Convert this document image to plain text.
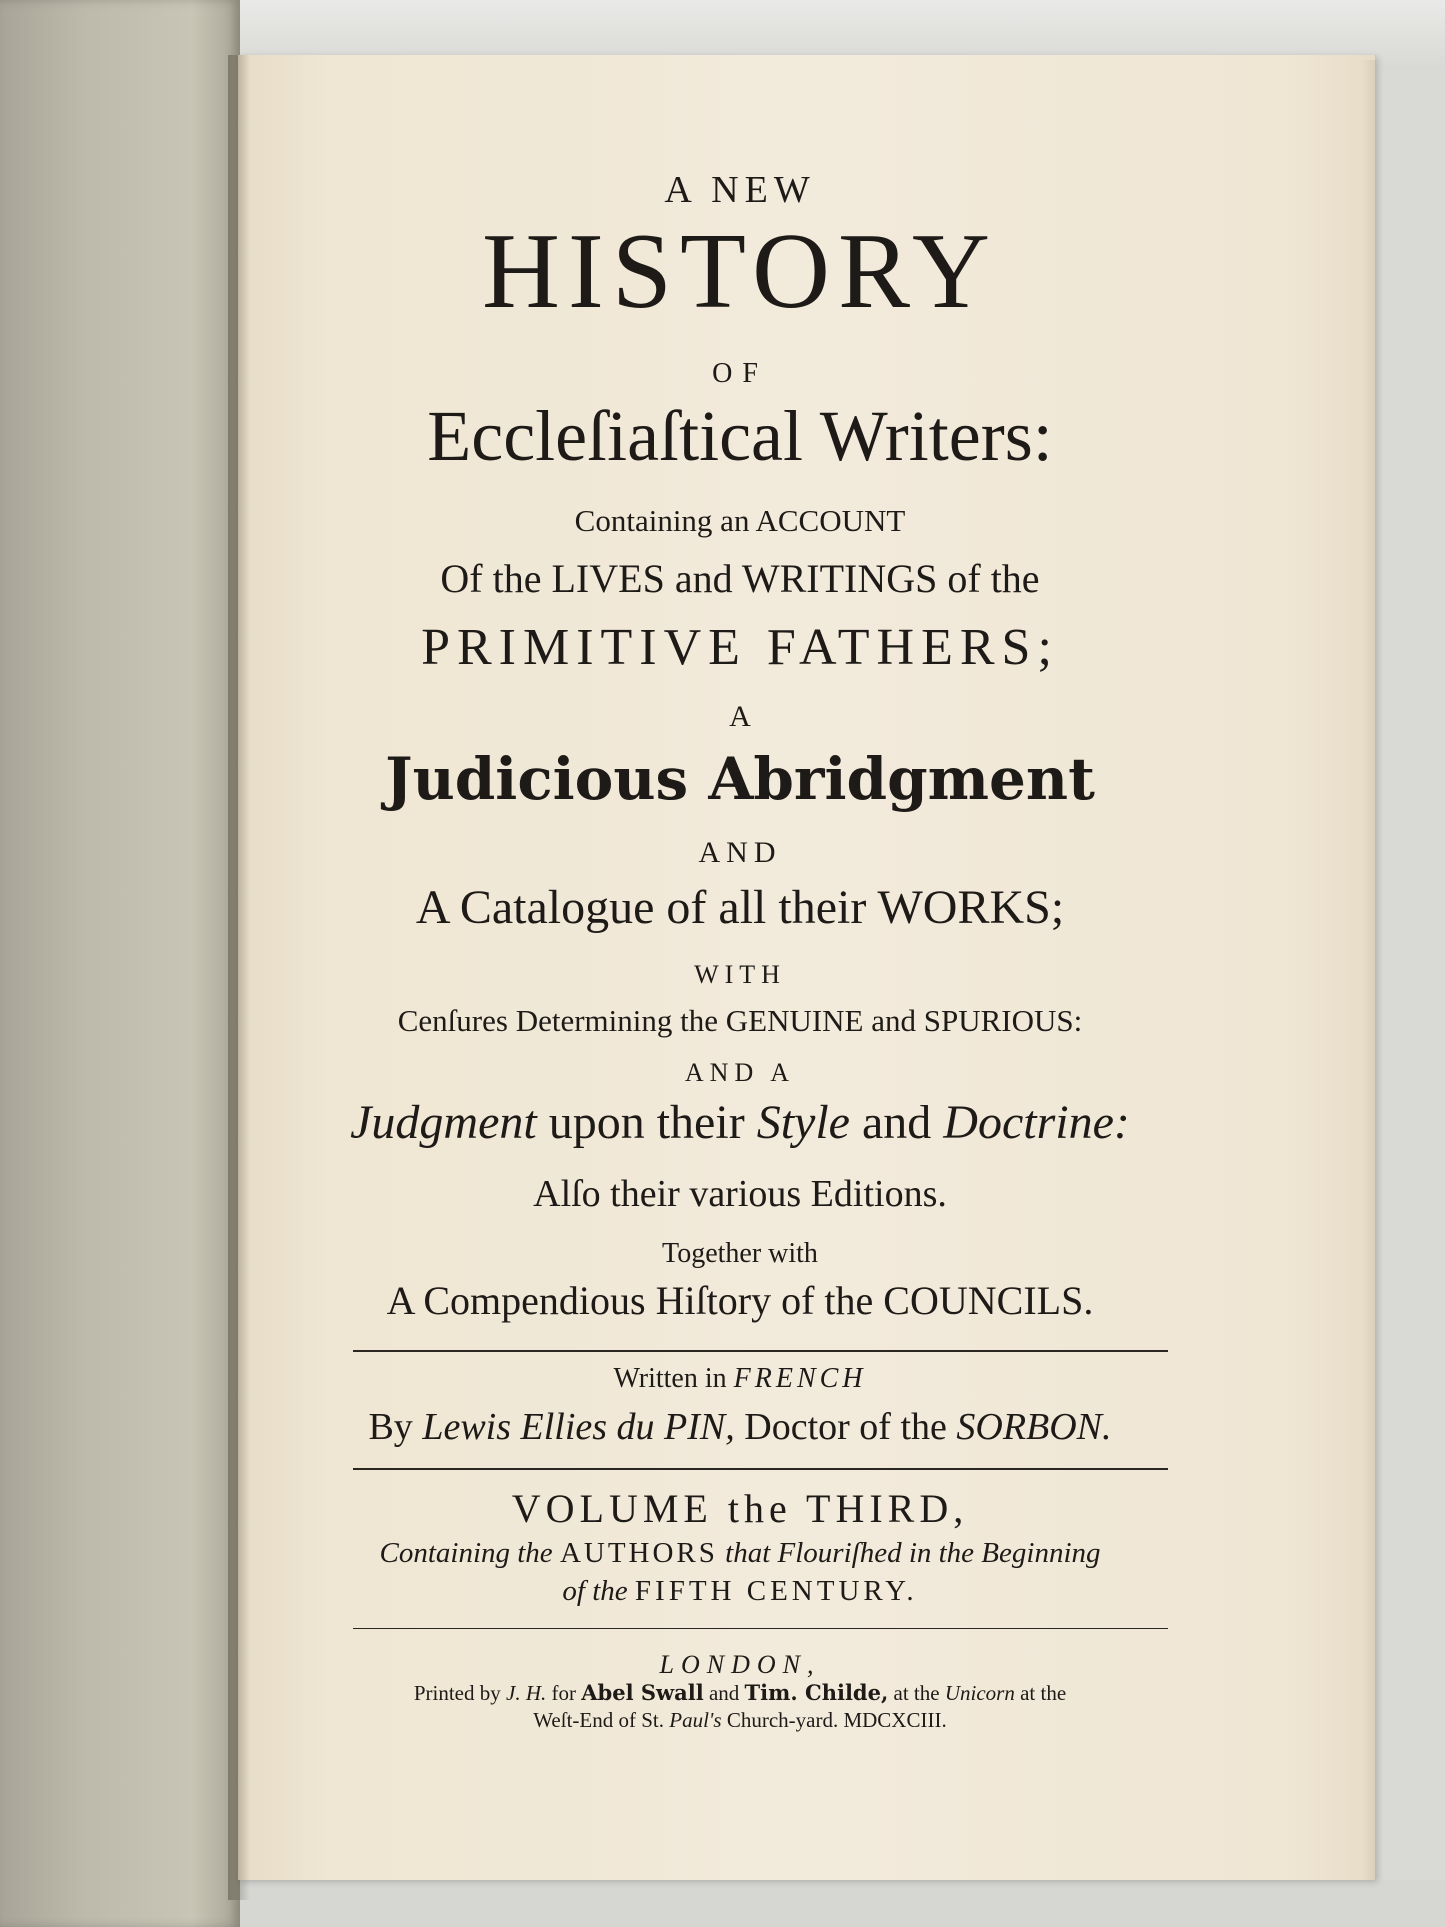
A NEW

HISTORY

OF

Eccleſiaſtical Writers:

Containing an ACCOUNT

Of the LIVES and WRITINGS of the

PRIMITIVE FATHERS;

A

Judicious Abridgment

AND

A Catalogue of all their WORKS;

WITH

Cenſures Determining the GENUINE and SPURIOUS:

AND A

Judgment upon their Style and Doctrine:

Alſo their various Editions.

Together with

A Compendious Hiſtory of the COUNCILS.

Written in FRENCH

By Lewis Ellies du PIN, Doctor of the SORBON.

VOLUME the THIRD,

Containing the AUTHORS that Flouriſhed in the Beginning

of the FIFTH CENTURY.

LONDON,

Printed by J. H. for Abel Swall and Tim. Childe, at the Unicorn at the

Weſt-End of St. Paul's Church-yard. MDCXCIII.
